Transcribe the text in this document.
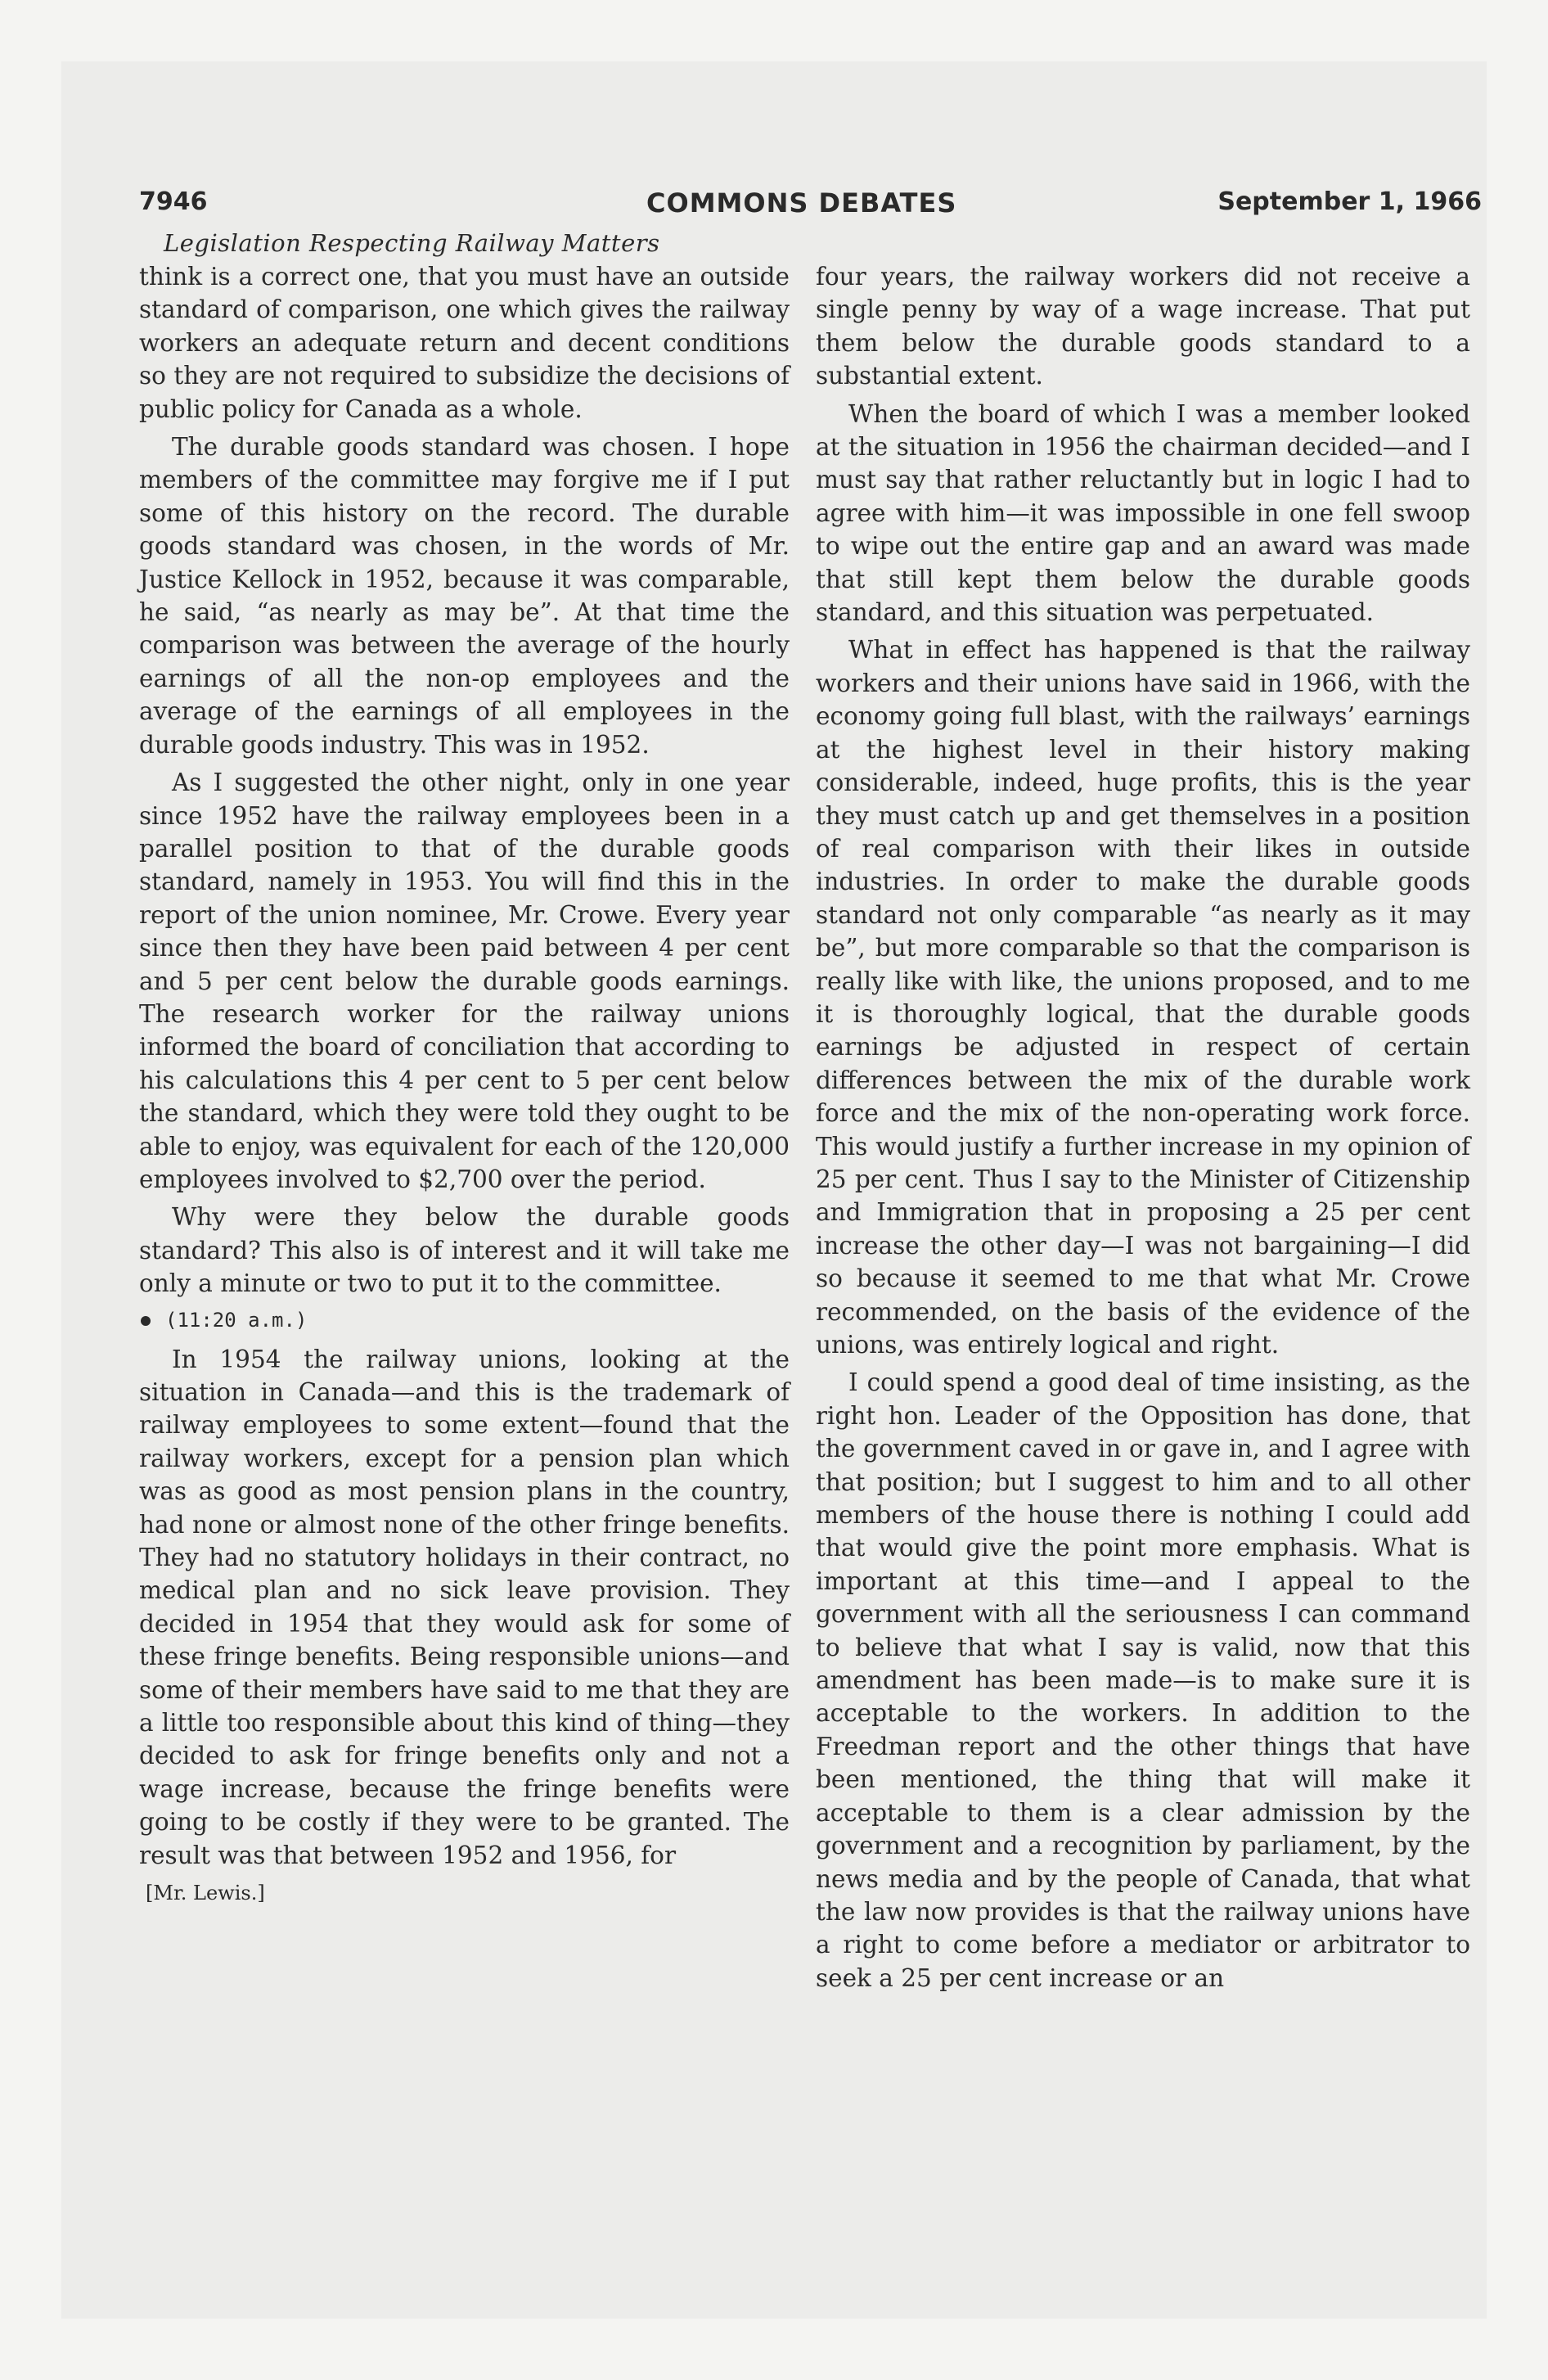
7946	COMMONS DEBATES	September 1, 1966
Legislation Respecting Railway Matters

think is a correct one, that you must have an outside standard of comparison, one which gives the railway workers an adequate return and decent conditions so they are not required to subsidize the decisions of public policy for Canada as a whole.

The durable goods standard was chosen. I hope members of the committee may forgive me if I put some of this history on the record. The durable goods standard was chosen, in the words of Mr. Justice Kellock in 1952, because it was comparable, he said, “as nearly as may be”. At that time the comparison was between the average of the hourly earnings of all the non-op employees and the average of the earnings of all employees in the durable goods industry. This was in 1952.

As I suggested the other night, only in one year since 1952 have the railway employees been in a parallel position to that of the durable goods standard, namely in 1953. You will find this in the report of the union nominee, Mr. Crowe. Every year since then they have been paid between 4 per cent and 5 per cent below the durable goods earnings. The research worker for the railway unions informed the board of conciliation that according to his calculations this 4 per cent to 5 per cent below the standard, which they were told they ought to be able to enjoy, was equivalent for each of the 120,000 employees involved to $2,700 over the period.

Why were they below the durable goods standard? This also is of interest and it will take me only a minute or two to put it to the committee.

(11:20 a.m.)

In 1954 the railway unions, looking at the situation in Canada—and this is the trademark of railway employees to some extent—found that the railway workers, except for a pension plan which was as good as most pension plans in the country, had none or almost none of the other fringe benefits. They had no statutory holidays in their contract, no medical plan and no sick leave provision. They decided in 1954 that they would ask for some of these fringe benefits. Being responsible unions—and some of their members have said to me that they are a little too responsible about this kind of thing—they decided to ask for fringe benefits only and not a wage increase, because the fringe benefits were going to be costly if they were to be granted. The result was that between 1952 and 1956, for

[Mr. Lewis.]

four years, the railway workers did not receive a single penny by way of a wage increase. That put them below the durable goods standard to a substantial extent.

When the board of which I was a member looked at the situation in 1956 the chairman decided—and I must say that rather reluctantly but in logic I had to agree with him—it was impossible in one fell swoop to wipe out the entire gap and an award was made that still kept them below the durable goods standard, and this situation was perpetuated.

What in effect has happened is that the railway workers and their unions have said in 1966, with the economy going full blast, with the railways’ earnings at the highest level in their history making considerable, indeed, huge profits, this is the year they must catch up and get themselves in a position of real comparison with their likes in outside industries. In order to make the durable goods standard not only comparable “as nearly as it may be”, but more comparable so that the comparison is really like with like, the unions proposed, and to me it is thoroughly logical, that the durable goods earnings be adjusted in respect of certain differences between the mix of the durable work force and the mix of the non-operating work force. This would justify a further increase in my opinion of 25 per cent. Thus I say to the Minister of Citizenship and Immigration that in proposing a 25 per cent increase the other day—I was not bargaining—I did so because it seemed to me that what Mr. Crowe recommended, on the basis of the evidence of the unions, was entirely logical and right.

I could spend a good deal of time insisting, as the right hon. Leader of the Opposition has done, that the government caved in or gave in, and I agree with that position; but I suggest to him and to all other members of the house there is nothing I could add that would give the point more emphasis. What is important at this time—and I appeal to the government with all the seriousness I can command to believe that what I say is valid, now that this amendment has been made—is to make sure it is acceptable to the workers. In addition to the Freedman report and the other things that have been mentioned, the thing that will make it acceptable to them is a clear admission by the government and a recognition by parliament, by the news media and by the people of Canada, that what the law now provides is that the railway unions have a right to come before a mediator or arbitrator to seek a 25 per cent increase or an
